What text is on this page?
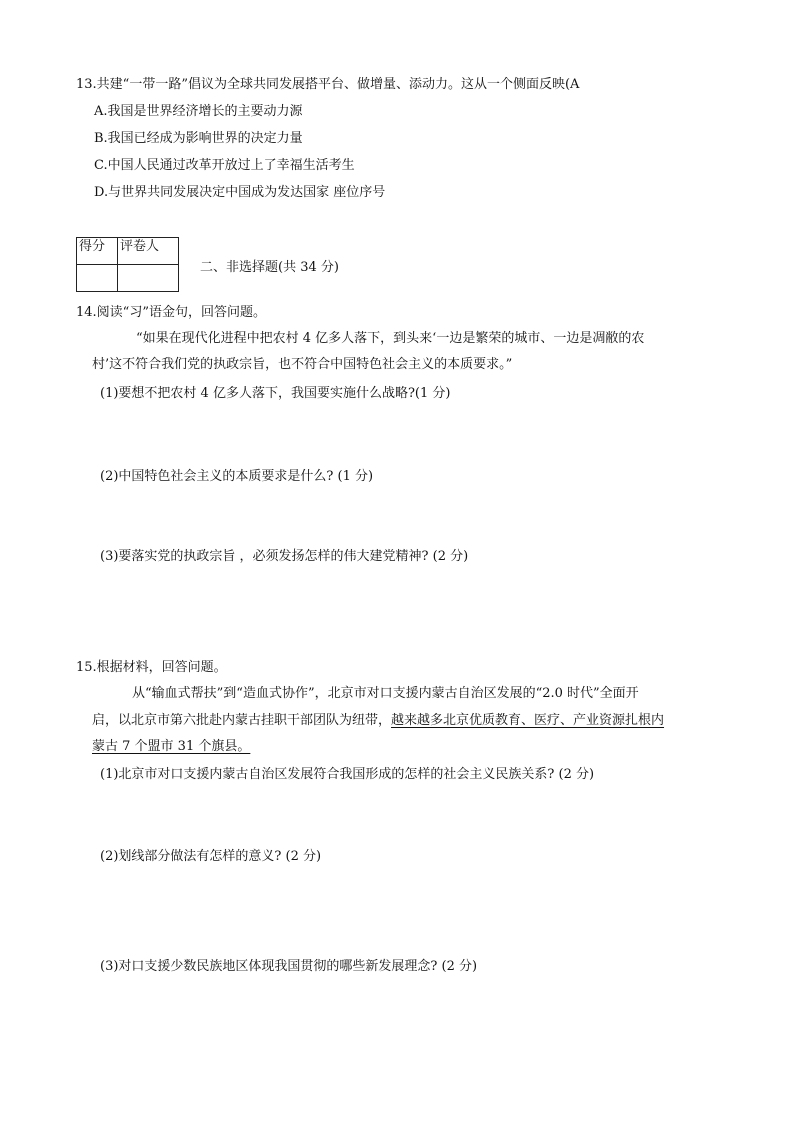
13.共建“一带一路”倡议为全球共同发展搭平台、做增量、添动力。这从一个侧面反映(A
A.我国是世界经济增长的主要动力源
B.我国已经成为影响世界的决定力量
C.中国人民通过改革开放过上了幸福生活考生
D.与世界共同发展决定中国成为发达国家 座位序号
得分	评卷人

二、非选择题(共 34 分)
14.阅读“习”语金句，回答问题。
“如果在现代化进程中把农村 4 亿多人落下，到头来‘一边是繁荣的城市、一边是凋敝的农
村’这不符合我们党的执政宗旨，也不符合中国特色社会主义的本质要求。”
(1)要想不把农村 4 亿多人落下，我国要实施什么战略?(1 分)
(2)中国特色社会主义的本质要求是什么? (1 分)
(3)要落实党的执政宗旨 ，必须发扬怎样的伟大建党精神? (2 分)
15.根据材料，回答问题。
从“输血式帮扶”到“造血式协作”，北京市对口支援内蒙古自治区发展的“2.0 时代”全面开
启，以北京市第六批赴内蒙古挂职干部团队为纽带，越来越多北京优质教育、医疗、产业资源扎根内
蒙古 7 个盟市 31 个旗县。
(1)北京市对口支援内蒙古自治区发展符合我国形成的怎样的社会主义民族关系? (2 分)
(2)划线部分做法有怎样的意义? (2 分)
(3)对口支援少数民族地区体现我国贯彻的哪些新发展理念? (2 分)
